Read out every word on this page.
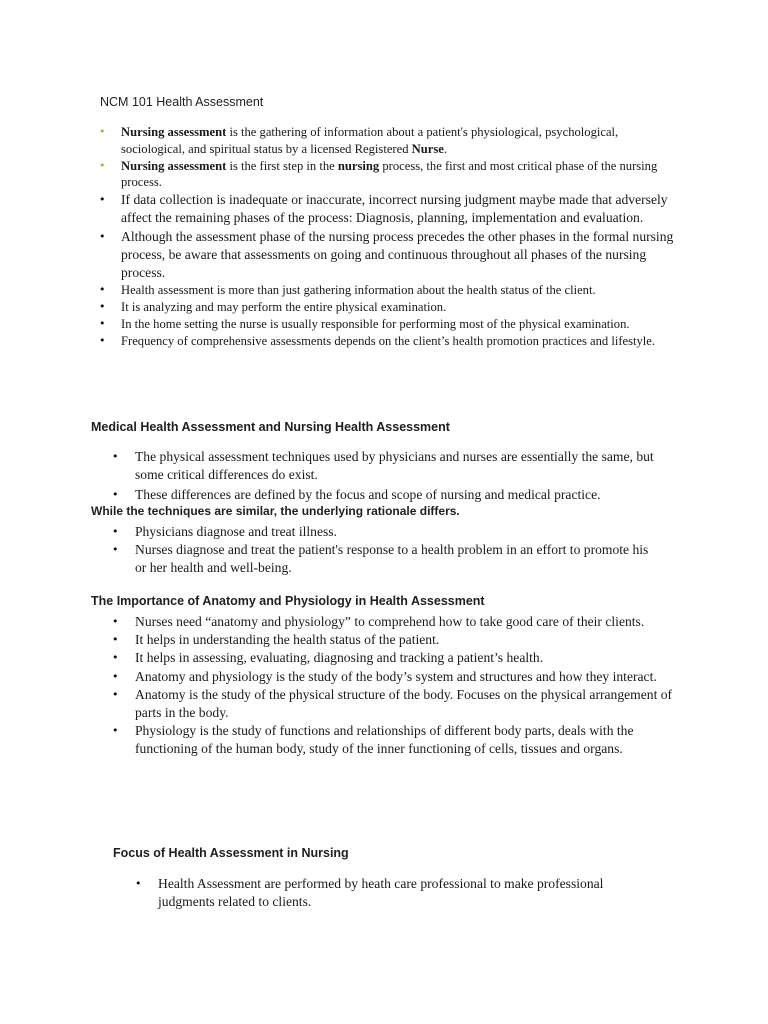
NCM 101 Health Assessment
• Nursing assessment is the gathering of information about a patient's physiological, psychological, sociological, and spiritual status by a licensed Registered Nurse.
• Nursing assessment is the first step in the nursing process, the first and most critical phase of the nursing process.
• If data collection is inadequate or inaccurate, incorrect nursing judgment maybe made that adversely affect the remaining phases of the process: Diagnosis, planning, implementation and evaluation.
• Although the assessment phase of the nursing process precedes the other phases in the formal nursing process, be aware that assessments on going and continuous throughout all phases of the nursing process.
• Health assessment is more than just gathering information about the health status of the client.
• It is analyzing and may perform the entire physical examination.
• In the home setting the nurse is usually responsible for performing most of the physical examination.
• Frequency of comprehensive assessments depends on the client’s health promotion practices and lifestyle.
Medical Health Assessment and Nursing Health Assessment
• The physical assessment techniques used by physicians and nurses are essentially the same, but some critical differences do exist.
• These differences are defined by the focus and scope of nursing and medical practice.
While the techniques are similar, the underlying rationale differs.
• Physicians diagnose and treat illness.
• Nurses diagnose and treat the patient's response to a health problem in an effort to promote his or her health and well-being.
The Importance of Anatomy and Physiology in Health Assessment
• Nurses need “anatomy and physiology” to comprehend how to take good care of their clients.
• It helps in understanding the health status of the patient.
• It helps in assessing, evaluating, diagnosing and tracking a patient’s health.
• Anatomy and physiology is the study of the body’s system and structures and how they interact.
• Anatomy is the study of the physical structure of the body. Focuses on the physical arrangement of parts in the body.
• Physiology is the study of functions and relationships of different body parts, deals with the functioning of the human body, study of the inner functioning of cells, tissues and organs.
Focus of Health Assessment in Nursing
• Health Assessment are performed by heath care professional to make professional judgments related to clients.
